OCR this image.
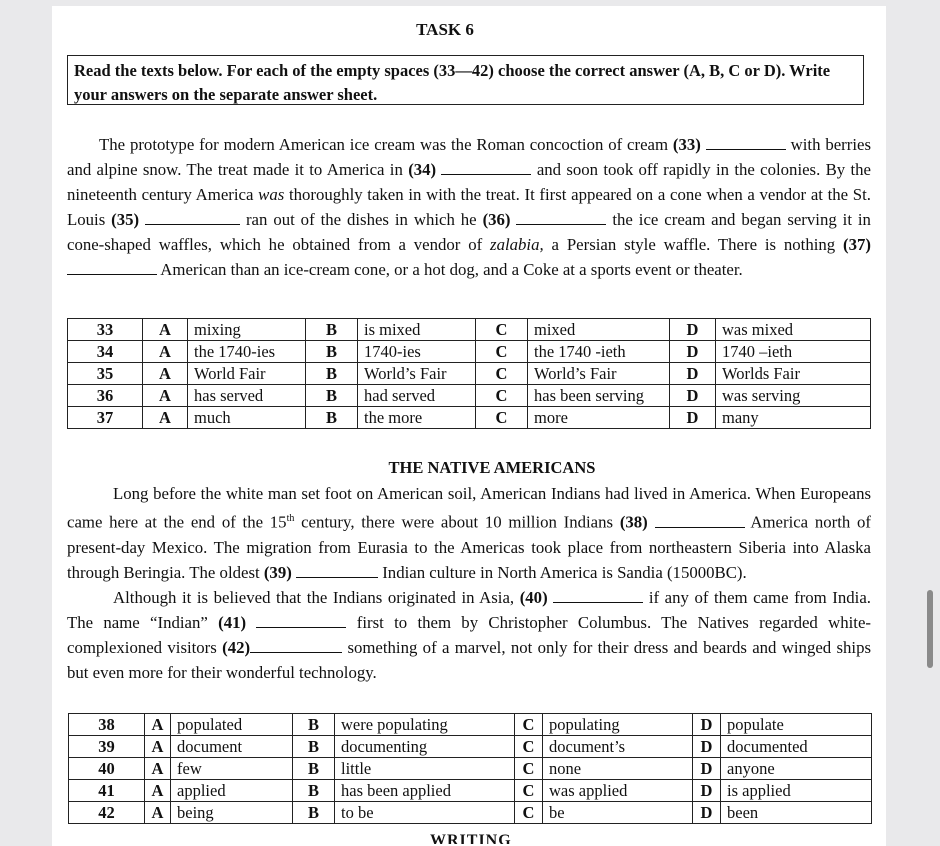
TASK 6
Read the texts below. For each of the empty spaces (33—42) choose the correct answer (A, B, C or D). Write your answers on the separate answer sheet.

The prototype for modern American ice cream was the Roman concoction of cream (33)	with berries and alpine snow. The treat made it to America in (34)	and soon took off rapidly in the colonies. By the nineteenth century America was thoroughly taken in with the treat. It first appeared on a cone when a vendor at the St. Louis (35)	ran out of the dishes in which he (36)	the ice cream and began serving it in cone-shaped waffles, which he obtained from a vendor of zalabia, a Persian style waffle. There is nothing (37) American than an ice-cream cone, or a hot dog, and a Coke at a sports event or theater.

33	A	mixing	B	is mixed	C	mixed	D	was mixed
34	A	the 1740-ies	B	1740-ies	C	the 1740 -ieth	D	1740 –ieth
35	A	World Fair	B	World’s Fair	C	World’s Fair	D	Worlds Fair
36	A	has served	B	had served	C	has been serving	D	was serving
37	A	much	B	the more	C	more	D	many
THE NATIVE AMERICANS

Long before the white man set foot on American soil, American Indians had lived in America. When Europeans came here at the end of the 15th century, there were about 10 million Indians (38)	America north of present-day Mexico. The migration from Eurasia to the Americas took place from northeastern Siberia into Alaska through Beringia. The oldest (39)	Indian culture in North America is Sandia (15000BC).

Although it is believed that the Indians originated in Asia, (40)	if any of them came from India. The name “Indian” (41)	first to them by Christopher Columbus. The Natives regarded white-complexioned visitors (42)	something of a marvel, not only for their dress and beards and winged ships but even more for their wonderful technology.

38	A	populated	B	were populating	C	populating	D	populate
39	A	document	B	documenting	C	document’s	D	documented
40	A	few	B	little	C	none	D	anyone
41	A	applied	B	has been applied	C	was applied	D	is applied
42	A	being	B	to be	C	be	D	been
WRITING
